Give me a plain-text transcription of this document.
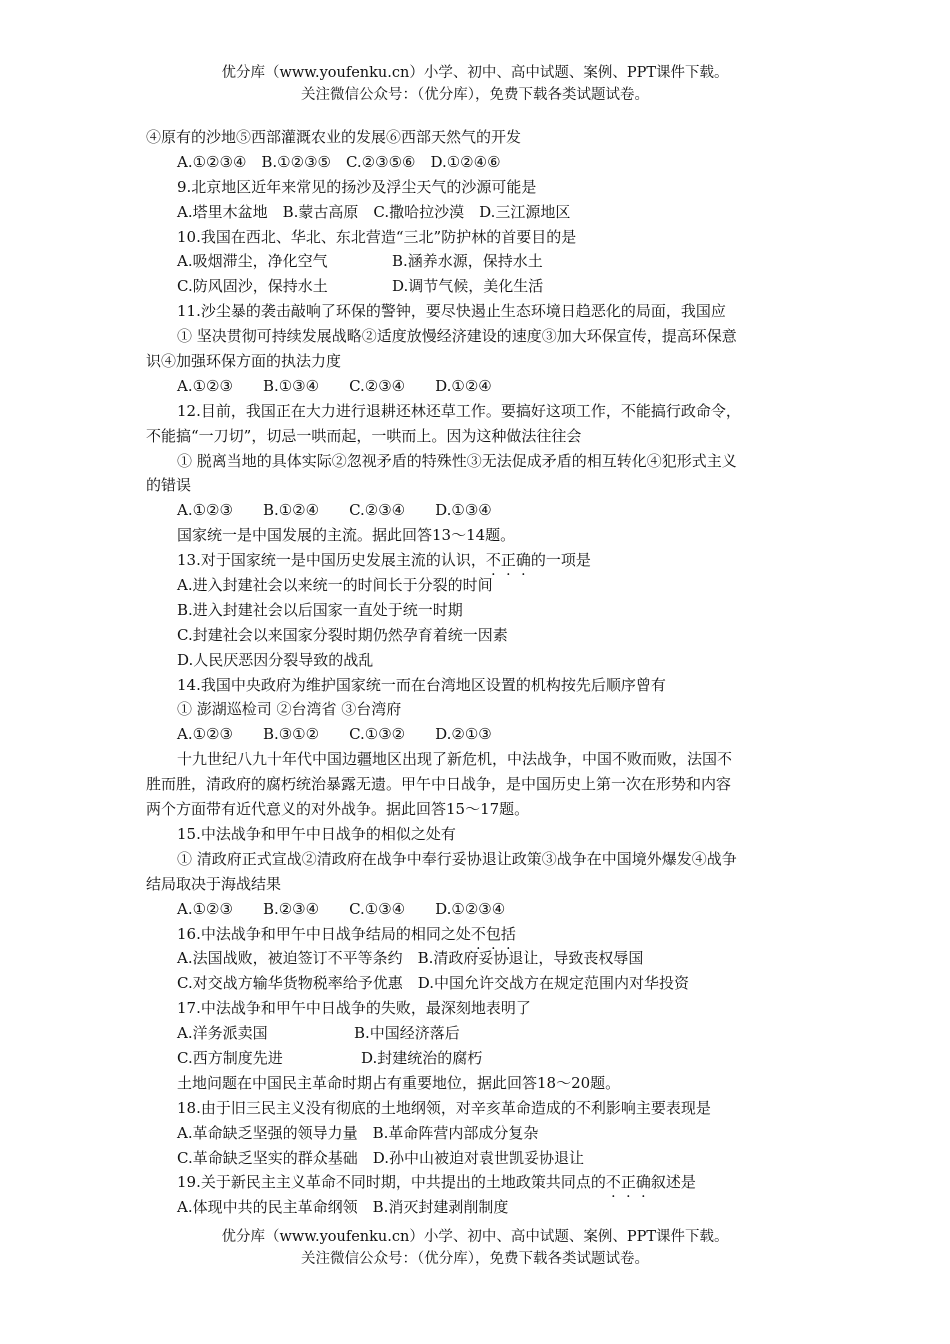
优分库（www.youfenku.cn）小学、初中、高中试题、案例、PPT课件下载。
关注微信公众号：（优分库），免费下载各类试题试卷。
④原有的沙地⑤西部灌溉农业的发展⑥西部天然气的开发
A.①②③④　B.①②③⑤　C.②③⑤⑥　D.①②④⑥
9.北京地区近年来常见的扬沙及浮尘天气的沙源可能是
A.塔里木盆地　B.蒙古高原　C.撒哈拉沙漠　D.三江源地区
10.我国在西北、华北、东北营造“三北”防护林的首要目的是
A.吸烟滞尘，净化空气	B.涵养水源，保持水土
C.防风固沙，保持水土	D.调节气候，美化生活
11.沙尘暴的袭击敲响了环保的警钟，要尽快遏止生态环境日趋恶化的局面，我国应
① 坚决贯彻可持续发展战略②适度放慢经济建设的速度③加大环保宣传，提高环保意
识④加强环保方面的执法力度
A.①②③　　B.①③④　　C.②③④　　D.①②④
12.目前，我国正在大力进行退耕还林还草工作。要搞好这项工作，不能搞行政命令，
不能搞“一刀切”，切忌一哄而起，一哄而上。因为这种做法往往会
① 脱离当地的具体实际②忽视矛盾的特殊性③无法促成矛盾的相互转化④犯形式主义
的错误
A.①②③　　B.①②④　　C.②③④　　D.①③④
国家统一是中国发展的主流。据此回答13～14题。
13.对于国家统一是中国历史发展主流的认识，不正确的一项是
A.进入封建社会以来统一的时间长于分裂的时间
B.进入封建社会以后国家一直处于统一时期
C.封建社会以来国家分裂时期仍然孕育着统一因素
D.人民厌恶因分裂导致的战乱
14.我国中央政府为维护国家统一而在台湾地区设置的机构按先后顺序曾有
① 澎湖巡检司 ②台湾省 ③台湾府
A.①②③　　B.③①②　　C.①③②　　D.②①③
十九世纪八九十年代中国边疆地区出现了新危机，中法战争，中国不败而败，法国不
胜而胜，清政府的腐朽统治暴露无遗。甲午中日战争，是中国历史上第一次在形势和内容
两个方面带有近代意义的对外战争。据此回答15～17题。
15.中法战争和甲午中日战争的相似之处有
① 清政府正式宣战②清政府在战争中奉行妥协退让政策③战争在中国境外爆发④战争
结局取决于海战结果
A.①②③　　B.②③④　　C.①③④　　D.①②③④
16.中法战争和甲午中日战争结局的相同之处不包括
A.法国战败，被迫签订不平等条约　B.清政府妥协退让，导致丧权辱国
C.对交战方输华货物税率给予优惠　D.中国允许交战方在规定范围内对华投资
17.中法战争和甲午中日战争的失败，最深刻地表明了
A.洋务派卖国	B.中国经济落后
C.西方制度先进	D.封建统治的腐朽
土地问题在中国民主革命时期占有重要地位，据此回答18～20题。
18.由于旧三民主义没有彻底的土地纲领，对辛亥革命造成的不利影响主要表现是
A.革命缺乏坚强的领导力量　B.革命阵营内部成分复杂
C.革命缺乏坚实的群众基础　D.孙中山被迫对袁世凯妥协退让
19.关于新民主主义革命不同时期，中共提出的土地政策共同点的不正确叙述是
A.体现中共的民主革命纲领　B.消灭封建剥削制度
优分库（www.youfenku.cn）小学、初中、高中试题、案例、PPT课件下载。
关注微信公众号：（优分库），免费下载各类试题试卷。
